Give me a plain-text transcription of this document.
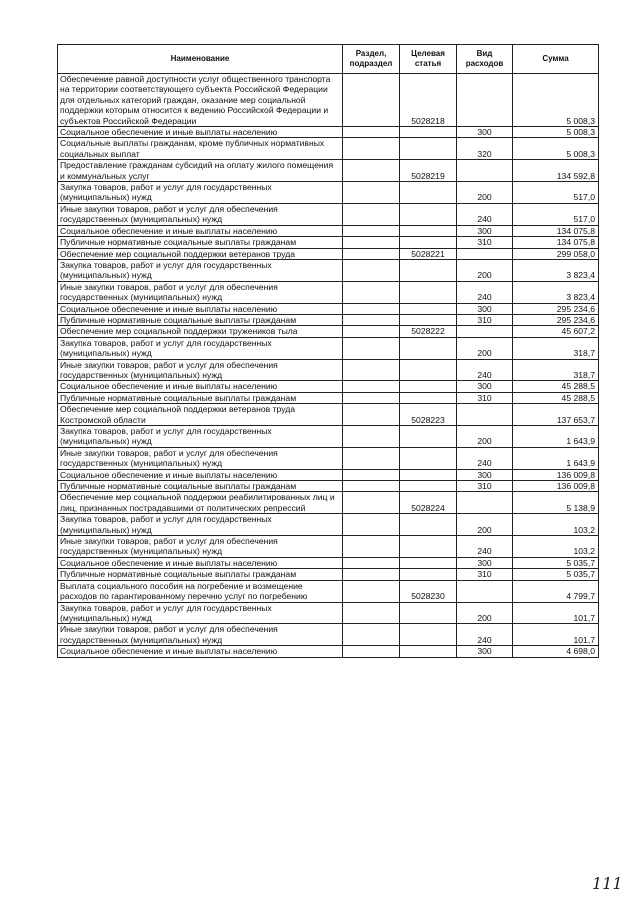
Наименование	Раздел, подраздел	Целевая статья	Вид расходов	Сумма
Обеспечение равной доступности услуг общественного транспорта на территории соответствующего субъекта Российской Федерации для отдельных категорий граждан, оказание мер социальной поддержки которым относится к ведению Российской Федерации и субъектов Российской Федерации		5028218		5 008,3
Социальное обеспечение и иные выплаты населению			300	5 008,3
Социальные выплаты гражданам, кроме публичных нормативных социальных выплат			320	5 008,3
Предоставление гражданам субсидий на оплату жилого помещения и коммунальных услуг		5028219		134 592,8
Закупка товаров, работ и услуг для государственных (муниципальных) нужд			200	517,0
Иные закупки товаров, работ и услуг для обеспечения государственных (муниципальных) нужд			240	517,0
Социальное обеспечение и иные выплаты населению			300	134 075,8
Публичные нормативные социальные выплаты гражданам			310	134 075,8
Обеспечение мер социальной поддержки ветеранов труда		5028221		299 058,0
Закупка товаров, работ и услуг для государственных (муниципальных) нужд			200	3 823,4
Иные закупки товаров, работ и услуг для обеспечения государственных (муниципальных) нужд			240	3 823,4
Социальное обеспечение и иные выплаты населению			300	295 234,6
Публичные нормативные социальные выплаты гражданам			310	295 234,6
Обеспечение мер социальной поддержки тружеников тыла		5028222		45 607,2
Закупка товаров, работ и услуг для государственных (муниципальных) нужд			200	318,7
Иные закупки товаров, работ и услуг для обеспечения государственных (муниципальных) нужд			240	318,7
Социальное обеспечение и иные выплаты населению			300	45 288,5
Публичные нормативные социальные выплаты гражданам			310	45 288,5
Обеспечение мер социальной поддержки ветеранов труда Костромской области		5028223		137 653,7
Закупка товаров, работ и услуг для государственных (муниципальных) нужд			200	1 643,9
Иные закупки товаров, работ и услуг для обеспечения государственных (муниципальных) нужд			240	1 643,9
Социальное обеспечение и иные выплаты населению			300	136 009,8
Публичные нормативные социальные выплаты гражданам			310	136 009,8
Обеспечение мер социальной поддержки реабилитированных лиц и лиц, признанных пострадавшими от политических репрессий		5028224		5 138,9
Закупка товаров, работ и услуг для государственных (муниципальных) нужд			200	103,2
Иные закупки товаров, работ и услуг для обеспечения государственных (муниципальных) нужд			240	103,2
Социальное обеспечение и иные выплаты населению			300	5 035,7
Публичные нормативные социальные выплаты гражданам			310	5 035,7
Выплата социального пособия на погребение и возмещение расходов по гарантированному перечню услуг по погребению		5028230		4 799,7
Закупка товаров, работ и услуг для государственных (муниципальных) нужд			200	101,7
Иные закупки товаров, работ и услуг для обеспечения государственных (муниципальных) нужд			240	101,7
Социальное обеспечение и иные выплаты населению			300	4 698,0
111
